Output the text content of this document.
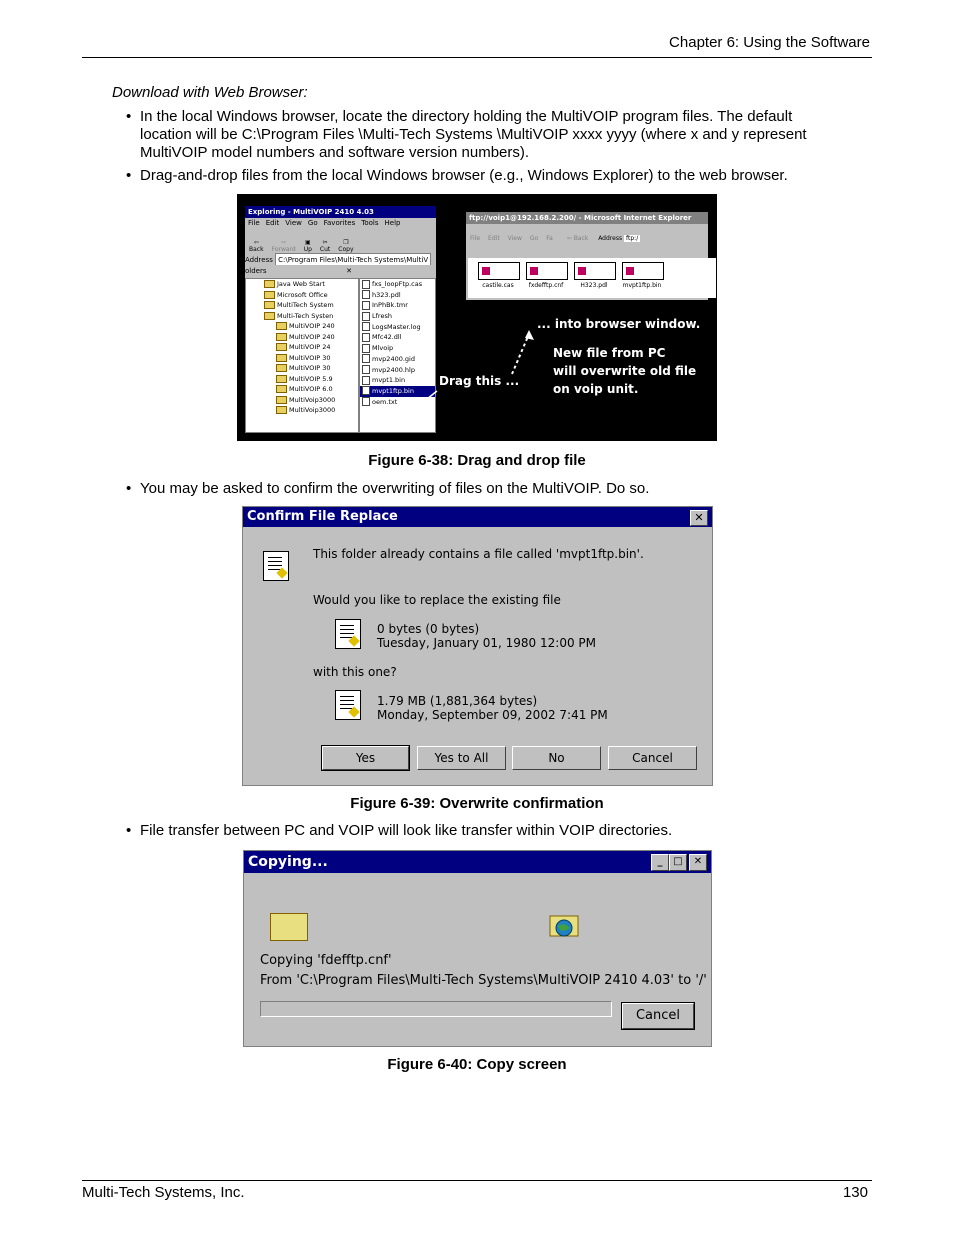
Chapter 6: Using the Software
Download with Web Browser:
• In the local Windows browser, locate the directory holding the MultiVOIP program files. The default
location will be C:\Program Files \Multi-Tech Systems \MultiVOIP xxxx yyyy (where x and y represent
MultiVOIP model numbers and software version numbers).
• Drag-and-drop files from the local Windows browser (e.g., Windows Explorer) to the web browser.
Exploring - MultiVOIP 2410 4.03
File Edit View Go Favorites Tools Help
⇦
Back
⇨
Forward
▣
Up
✂
Cut
❐
Copy
Address C:\Program Files\Multi-Tech Systems\MultiV
olders	✕
Java Web Start
Microsoft Office
MultiTech System
Multi-Tech Systen
MultiVOIP 240
MultiVOIP 240
MultiVOIP 24
MultiVOIP 30
MultiVOIP 30
MultiVOIP 5.9
MultiVOIP 6.0
MultiVoip3000
MultiVoip3000
fxs_loopFtp.cas
h323.pdl
InPhBk.tmr
Lfresh
LogsMaster.log
Mfc42.dll
Mlvoip
mvp2400.gid
mvp2400.hlp
mvpt1.bin
mvpt1ftp.bin
oem.txt
ftp://voip1@192.168.2.200/ - Microsoft Internet Explorer
File Edit View Go Fa ⇦ Back Address ftp:/
castile.cas	fxdefftp.cnf	H323.pdl	mvpt1ftp.bin
... into browser window.
New file from PC
will overwrite old file
on voip unit.
Drag this ...
Figure 6-38: Drag and drop file
• You may be asked to confirm the overwriting of files on the MultiVOIP. Do so.
Confirm File Replace	✕
This folder already contains a file called 'mvpt1ftp.bin'.
Would you like to replace the existing file
0 bytes (0 bytes)
Tuesday, January 01, 1980 12:00 PM
with this one?
1.79 MB (1,881,364 bytes)
Monday, September 09, 2002 7:41 PM
Yes	Yes to All	No	Cancel
Figure 6-39: Overwrite confirmation
• File transfer between PC and VOIP will look like transfer within VOIP directories.
Copying...	_	□	✕
Copying 'fdefftp.cnf'
From 'C:\Program Files\Multi-Tech Systems\MultiVOIP 2410 4.03' to '/'
Cancel
Figure 6-40: Copy screen
Multi-Tech Systems, Inc.	130
